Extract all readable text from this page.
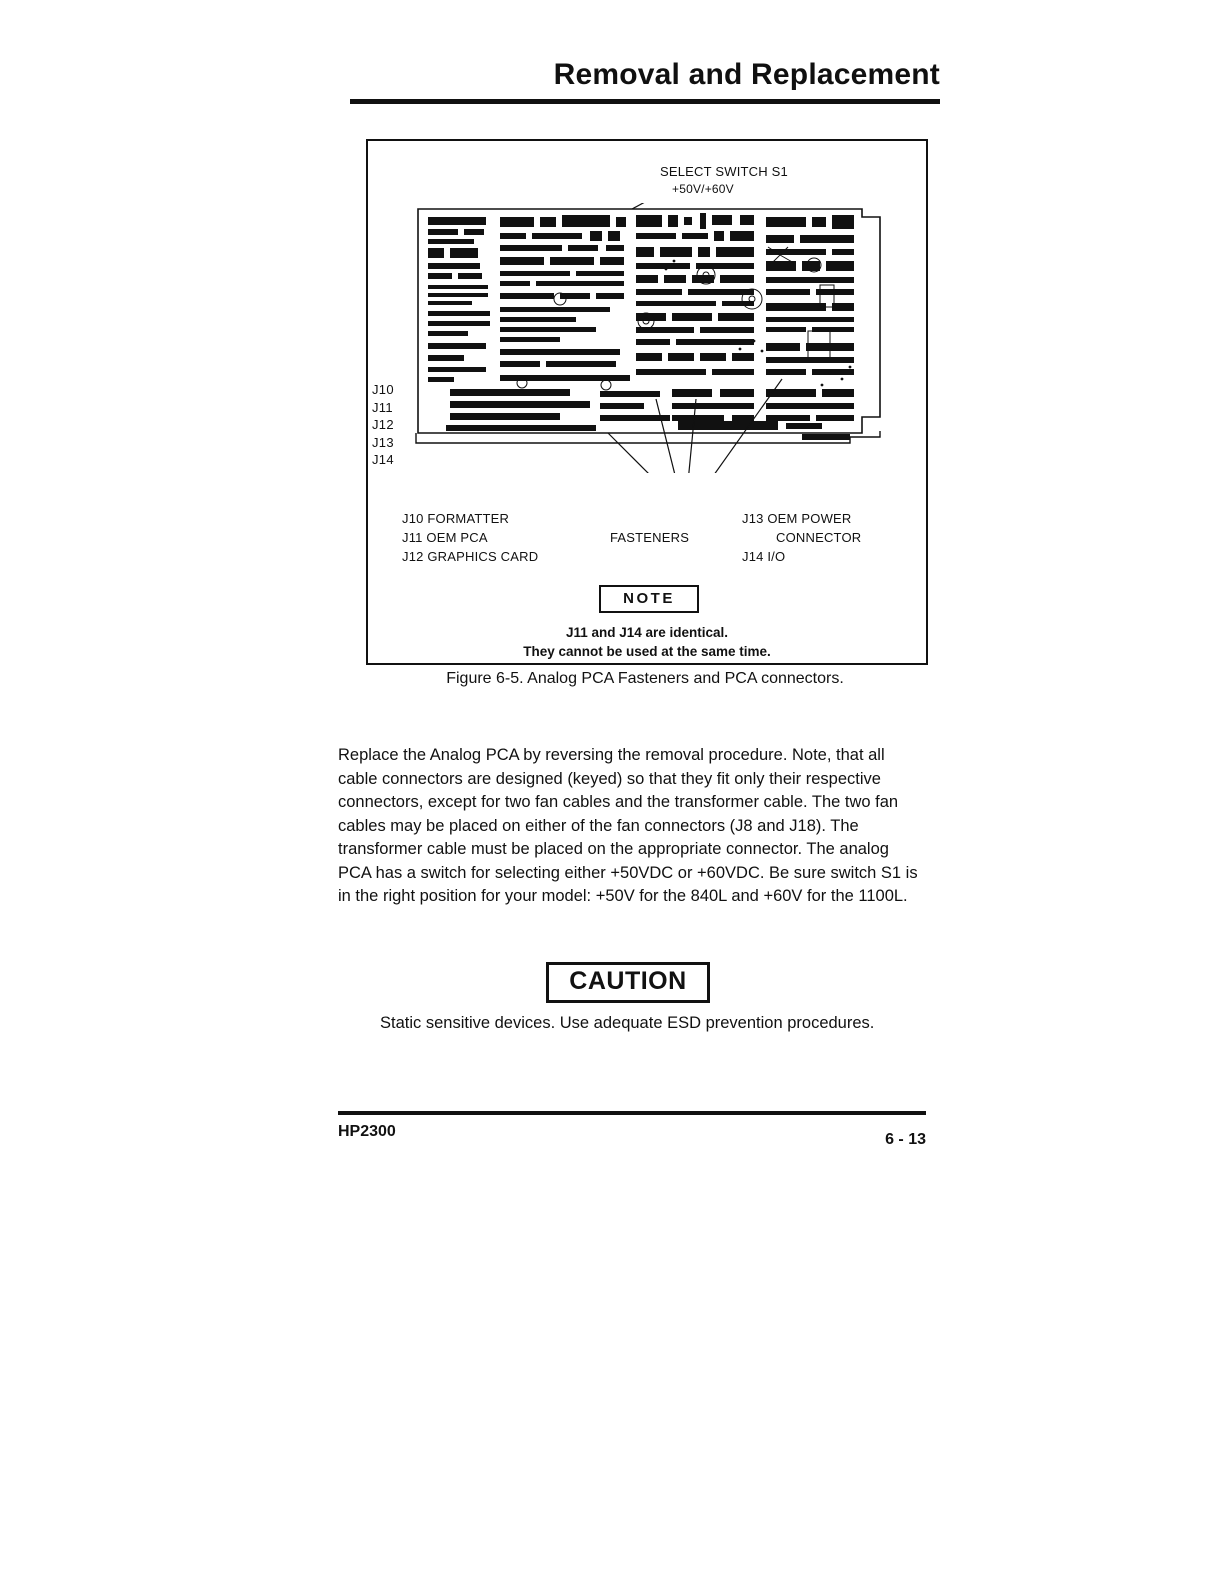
Removal and Replacement
SELECT SWITCH S1
+50V/+60V
J10
J11
J12
J13
J14
J10 FORMATTER
J11 OEM PCA
J12 GRAPHICS CARD
FASTENERS
J13 OEM POWER
CONNECTOR
J14 I/O
NOTE
J11 and J14 are identical.
They cannot be used at the same time.
Figure 6-5. Analog PCA Fasteners and PCA connectors.
Replace the Analog PCA by reversing the removal procedure. Note, that all cable connectors are designed (keyed) so that they fit only their respective connectors, except for two fan cables and the transformer cable. The two fan cables may be placed on either of the fan connectors (J8 and J18). The transformer cable must be placed on the appropriate connector. The analog PCA has a switch for selecting either +50VDC or +60VDC. Be sure switch S1 is in the right position for your model: +50V for the 840L and +60V for the 1100L.
CAUTION
Static sensitive devices. Use adequate ESD prevention procedures.
HP2300	6 - 13
